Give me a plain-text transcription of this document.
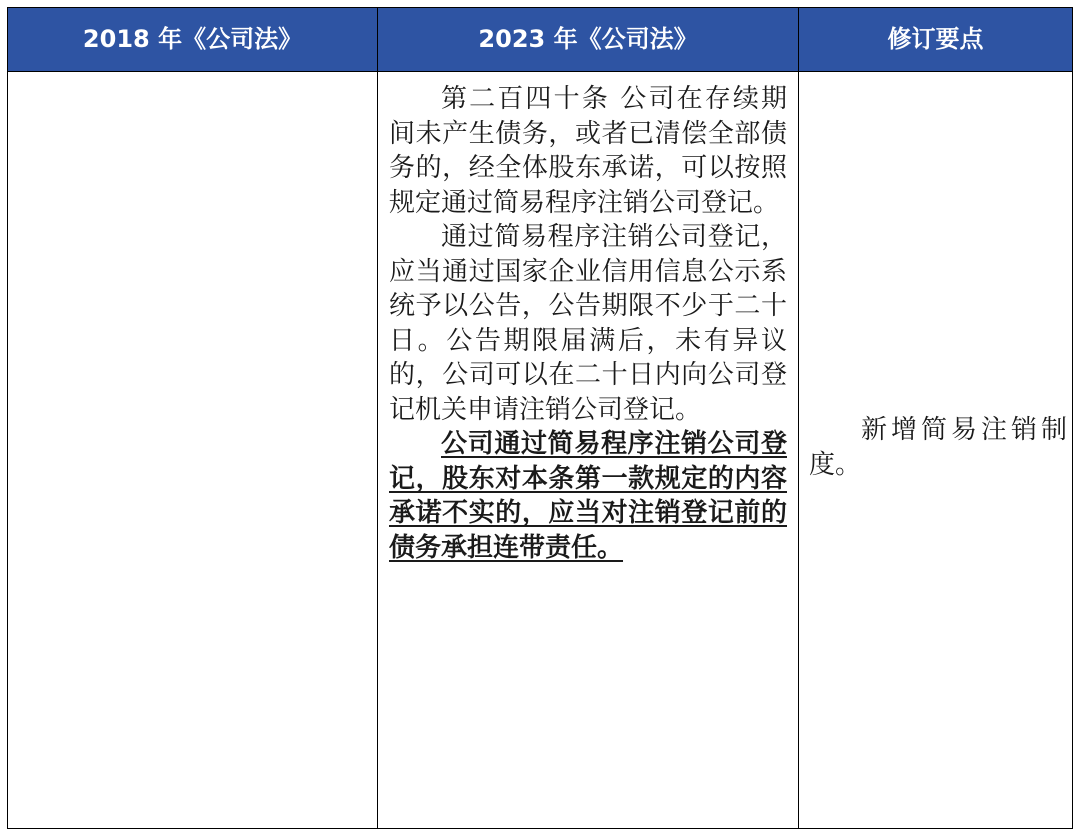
2018 年《公司法》	2023 年《公司法》	修订要点

第二百四十条 公司在存续期间未产生债务，或者已清偿全部债务的，经全体股东承诺，可以按照规定通过简易程序注销公司登记。

通过简易程序注销公司登记，应当通过国家企业信用信息公示系统予以公告，公告期限不少于二十日。公告期限届满后，未有异议的，公司可以在二十日内向公司登记机关申请注销公司登记。

公司通过简易程序注销公司登记，股东对本条第一款规定的内容承诺不实的，应当对注销登记前的债务承担连带责任。

新增简易注销制度。
